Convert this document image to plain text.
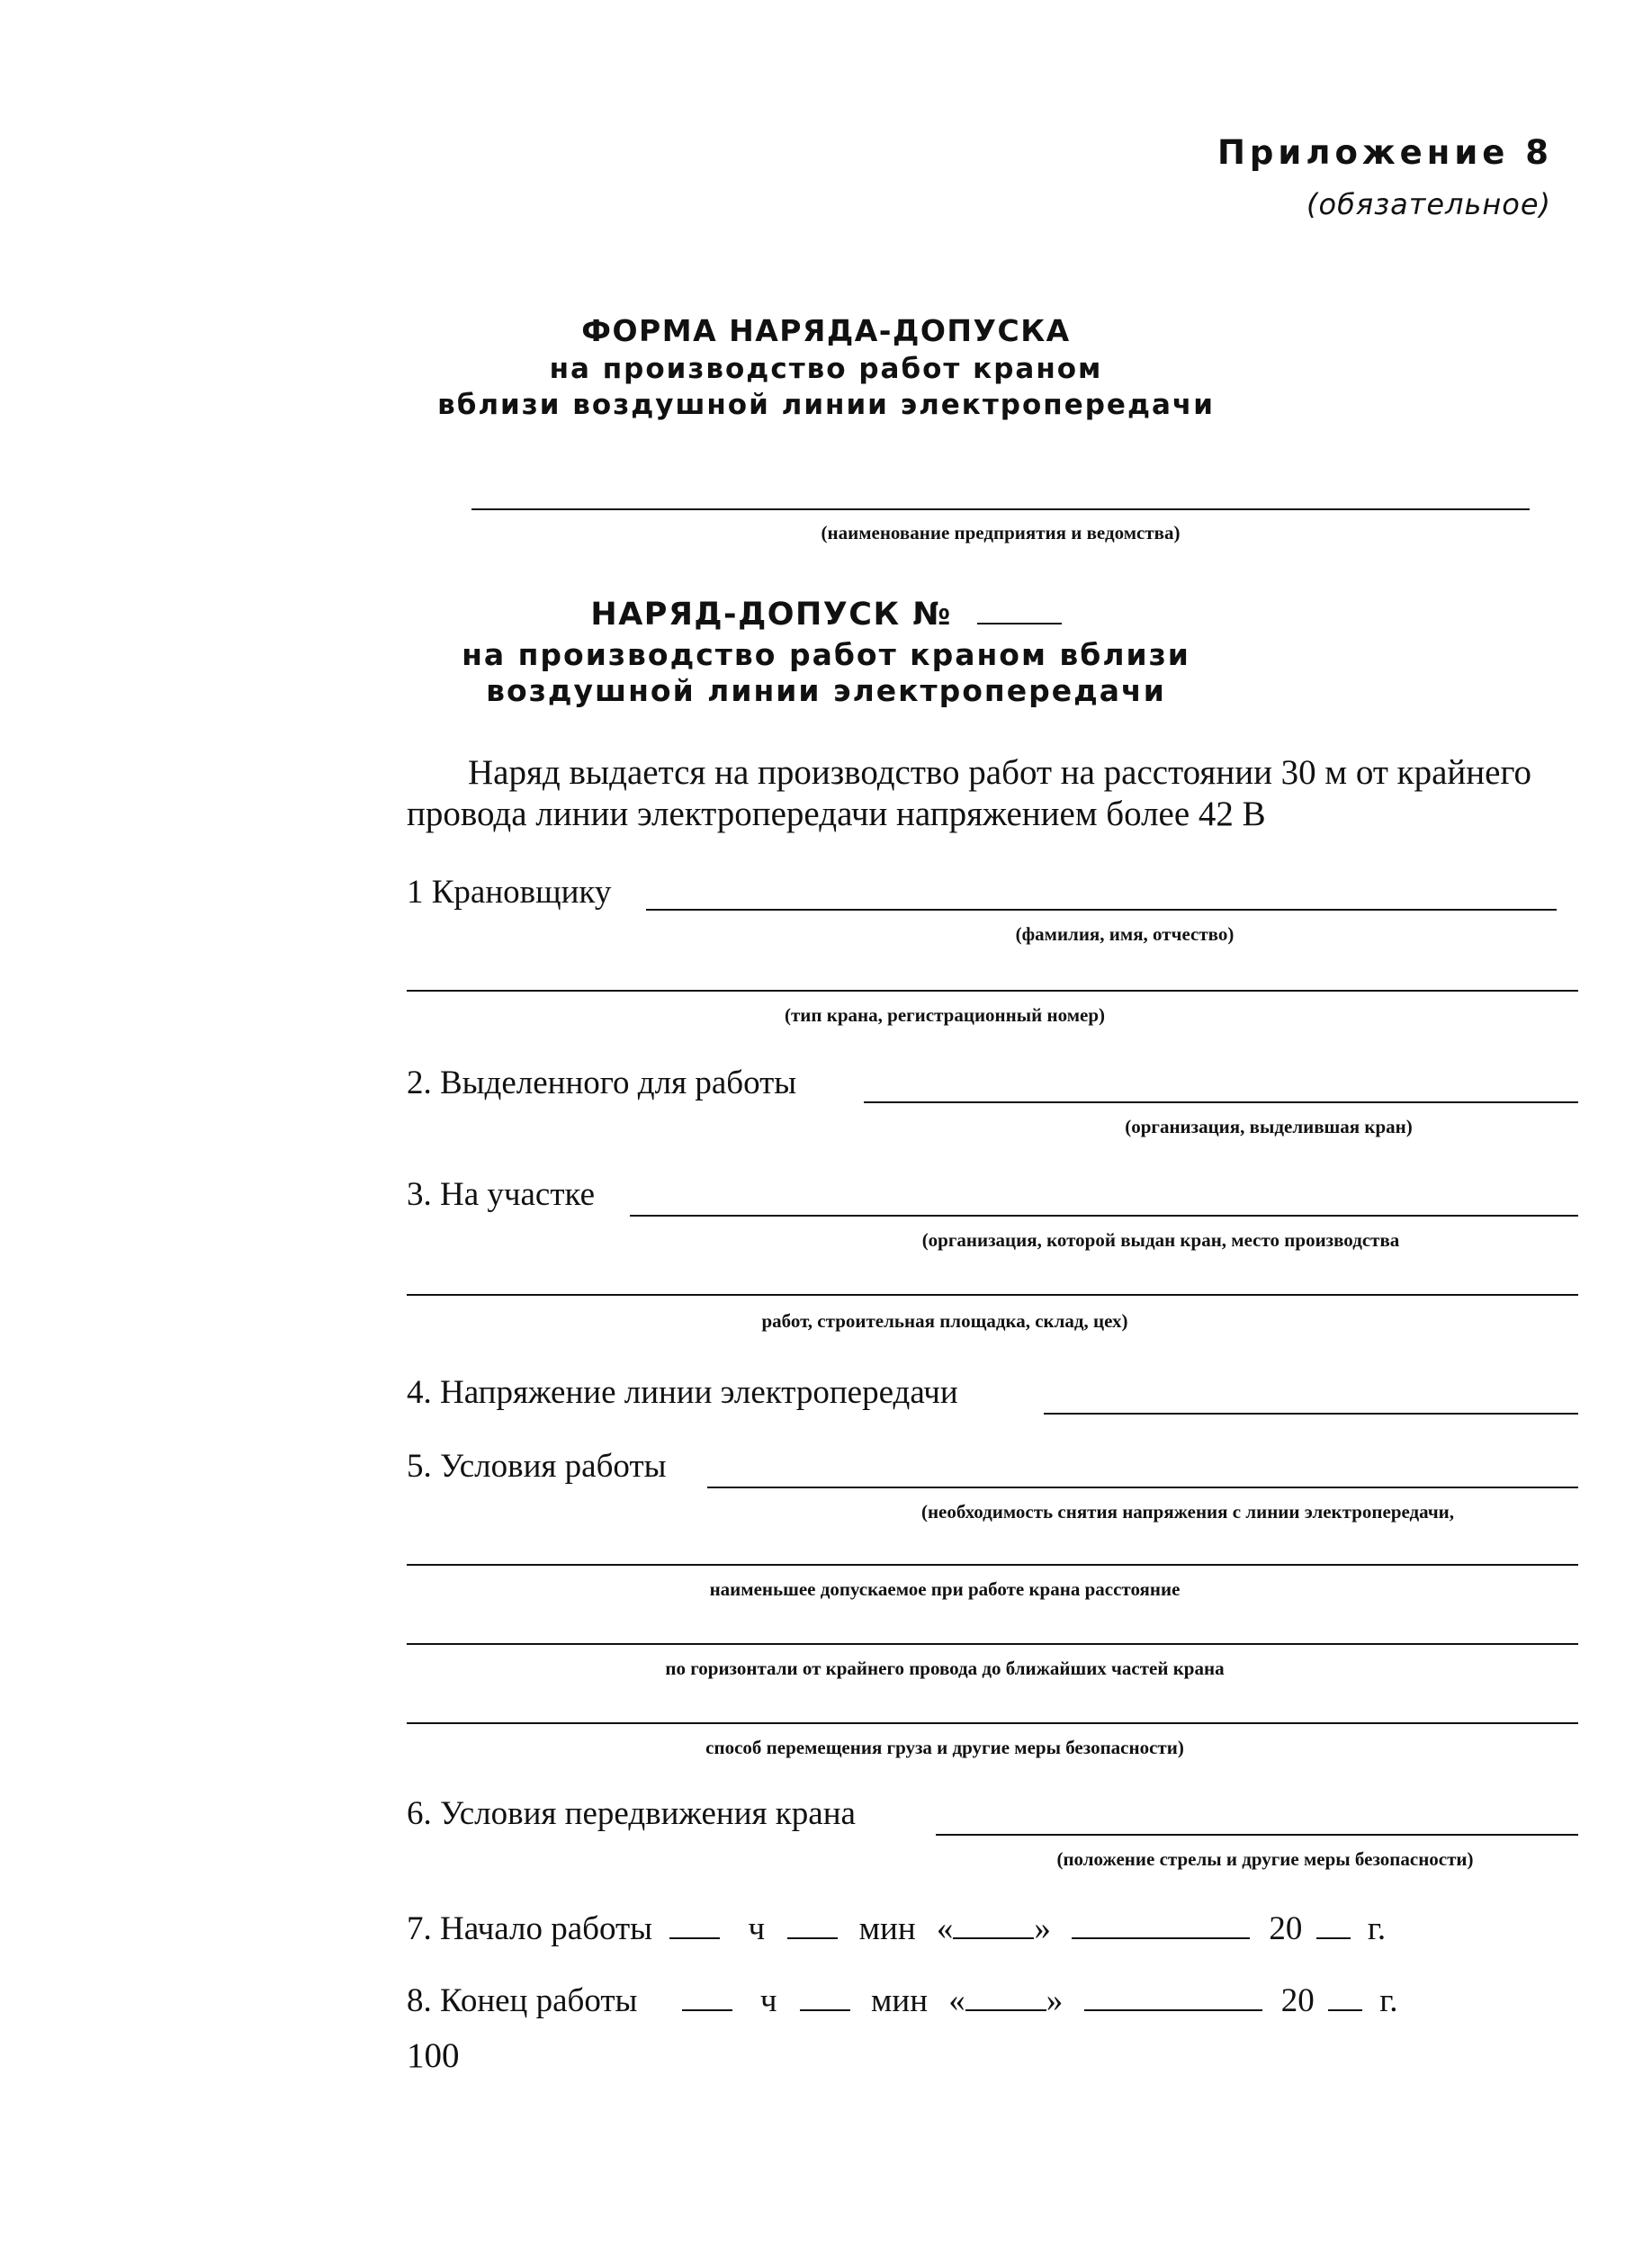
Приложение 8
(обязательное)
ФОРМА НАРЯДА-ДОПУСКА
на производство работ краном
вблизи воздушной линии электропередачи
(наименование предприятия и ведомства)
НАРЯД-ДОПУСК №
на производство работ краном вблизи
воздушной линии электропередачи
Наряд выдается на производство работ на расстоянии 30 м от крайнего
провода линии электропередачи напряжением более 42 В
1 Крановщику
(фамилия, имя, отчество)
(тип крана, регистрационный номер)
2. Выделенного для работы
(организация, выделившая кран)
3. На участке
(организация, которой выдан кран, место производства
работ, строительная площадка, склад, цех)
4. Напряжение линии электропередачи
5. Условия работы
(необходимость снятия напряжения с линии электропередачи,
наименьшее допускаемое при работе крана расстояние
по горизонтали от крайнего провода до ближайших частей крана
способ перемещения груза и другие меры безопасности)
6. Условия передвижения крана
(положение стрелы и другие меры безопасности)
7. Начало работы	ч	мин « »	20 г.
8. Конец работы	ч	мин « »	20 г.
100
